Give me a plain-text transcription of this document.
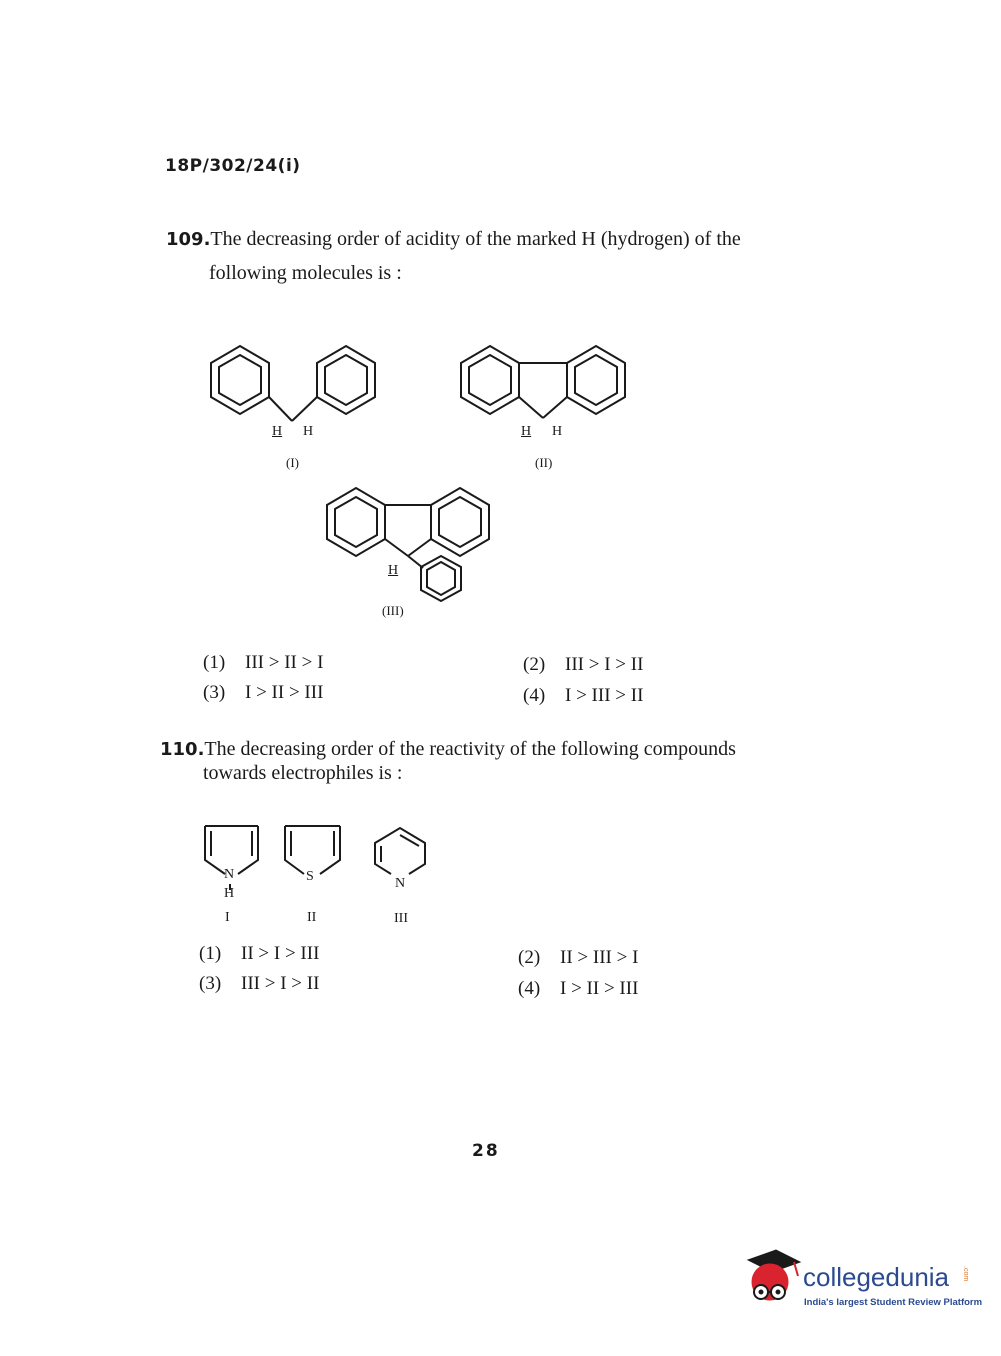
18P/302/24(i)
109.The decreasing order of acidity of the marked H (hydrogen) of the
following molecules is :
H H
(I)
H H
(II)
H
(III)
(1) III > II > I	(2) III > I > II
(3) I > II > III	(4) I > III > II
110.The decreasing order of the reactivity of the following compounds
towards electrophiles is :
N
H
I
S
II
N
III
(1) II > I > III	(2) II > III > I
(3) III > I > II	(4) I > II > III
28
collegedunia .com
India's largest Student Review Platform
